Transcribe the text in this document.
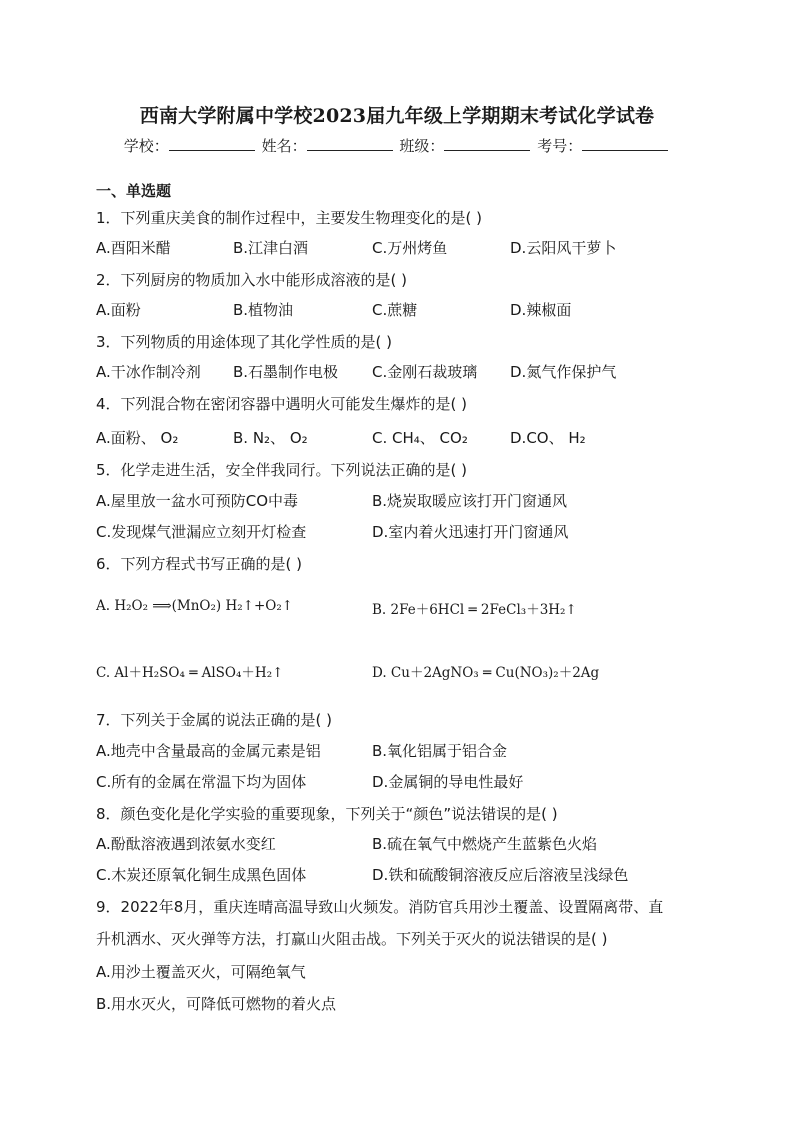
西南大学附属中学校2023届九年级上学期期末考试化学试卷
学校：	姓名：	班级：	考号：
一、单选题
1．下列重庆美食的制作过程中，主要发生物理变化的是( )
A.酉阳米醋	B.江津白酒	C.万州烤鱼	D.云阳风干萝卜
2．下列厨房的物质加入水中能形成溶液的是( )
A.面粉	B.植物油	C.蔗糖	D.辣椒面
3．下列物质的用途体现了其化学性质的是( )
A.干冰作制冷剂 B.石墨制作电极 C.金刚石裁玻璃 D.氮气作保护气
4．下列混合物在密闭容器中遇明火可能发生爆炸的是( )
A.面粉、 O₂	B. N₂、 O₂	C. CH₄、 CO₂	D.CO、 H₂
5．化学走进生活，安全伴我同行。下列说法正确的是( )
A.屋里放一盆水可预防CO中毒	B.烧炭取暖应该打开门窗通风
C.发现煤气泄漏应立刻开灯检查	D.室内着火迅速打开门窗通风
6．下列方程式书写正确的是( )
A. H₂O₂ ⟹(MnO₂) H₂↑+O₂↑	B. 2Fe＋6HCl ═ 2FeCl₃＋3H₂↑
C. Al＋H₂SO₄ ═ AlSO₄＋H₂↑	D. Cu＋2AgNO₃ ═ Cu(NO₃)₂＋2Ag
7．下列关于金属的说法正确的是( )
A.地壳中含量最高的金属元素是铝	B.氧化铝属于铝合金
C.所有的金属在常温下均为固体	D.金属铜的导电性最好
8．颜色变化是化学实验的重要现象，下列关于“颜色”说法错误的是( )
A.酚酞溶液遇到浓氨水变红	B.硫在氧气中燃烧产生蓝紫色火焰
C.木炭还原氧化铜生成黑色固体	D.铁和硫酸铜溶液反应后溶液呈浅绿色
9．2022年8月，重庆连晴高温导致山火频发。消防官兵用沙土覆盖、设置隔离带、直
升机洒水、灭火弹等方法，打赢山火阻击战。下列关于灭火的说法错误的是( )
A.用沙土覆盖灭火，可隔绝氧气
B.用水灭火，可降低可燃物的着火点
